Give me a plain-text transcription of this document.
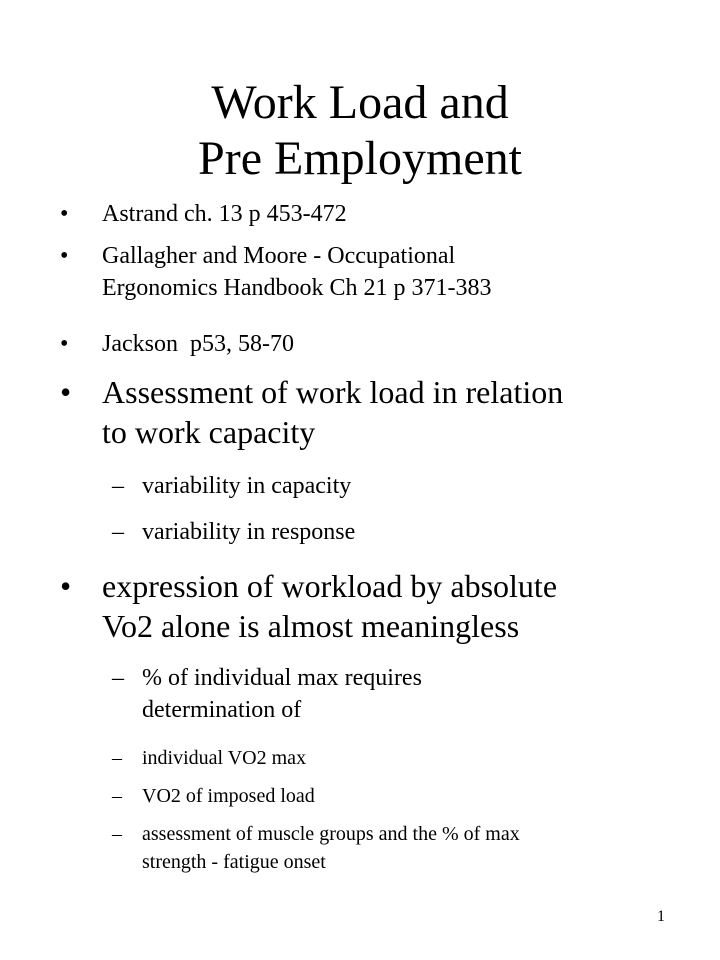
Work Load and
Pre Employment
• Astrand ch. 13 p 453-472
• Gallagher and Moore - Occupational
Ergonomics Handbook Ch 21 p 371-383
• Jackson  p53, 58-70
• Assessment of work load in relation
to work capacity
– variability in capacity
– variability in response
• expression of workload by absolute
Vo2 alone is almost meaningless
– % of individual max requires
determination of
– individual VO2 max
– VO2 of imposed load
– assessment of muscle groups and the % of max
strength - fatigue onset
1
